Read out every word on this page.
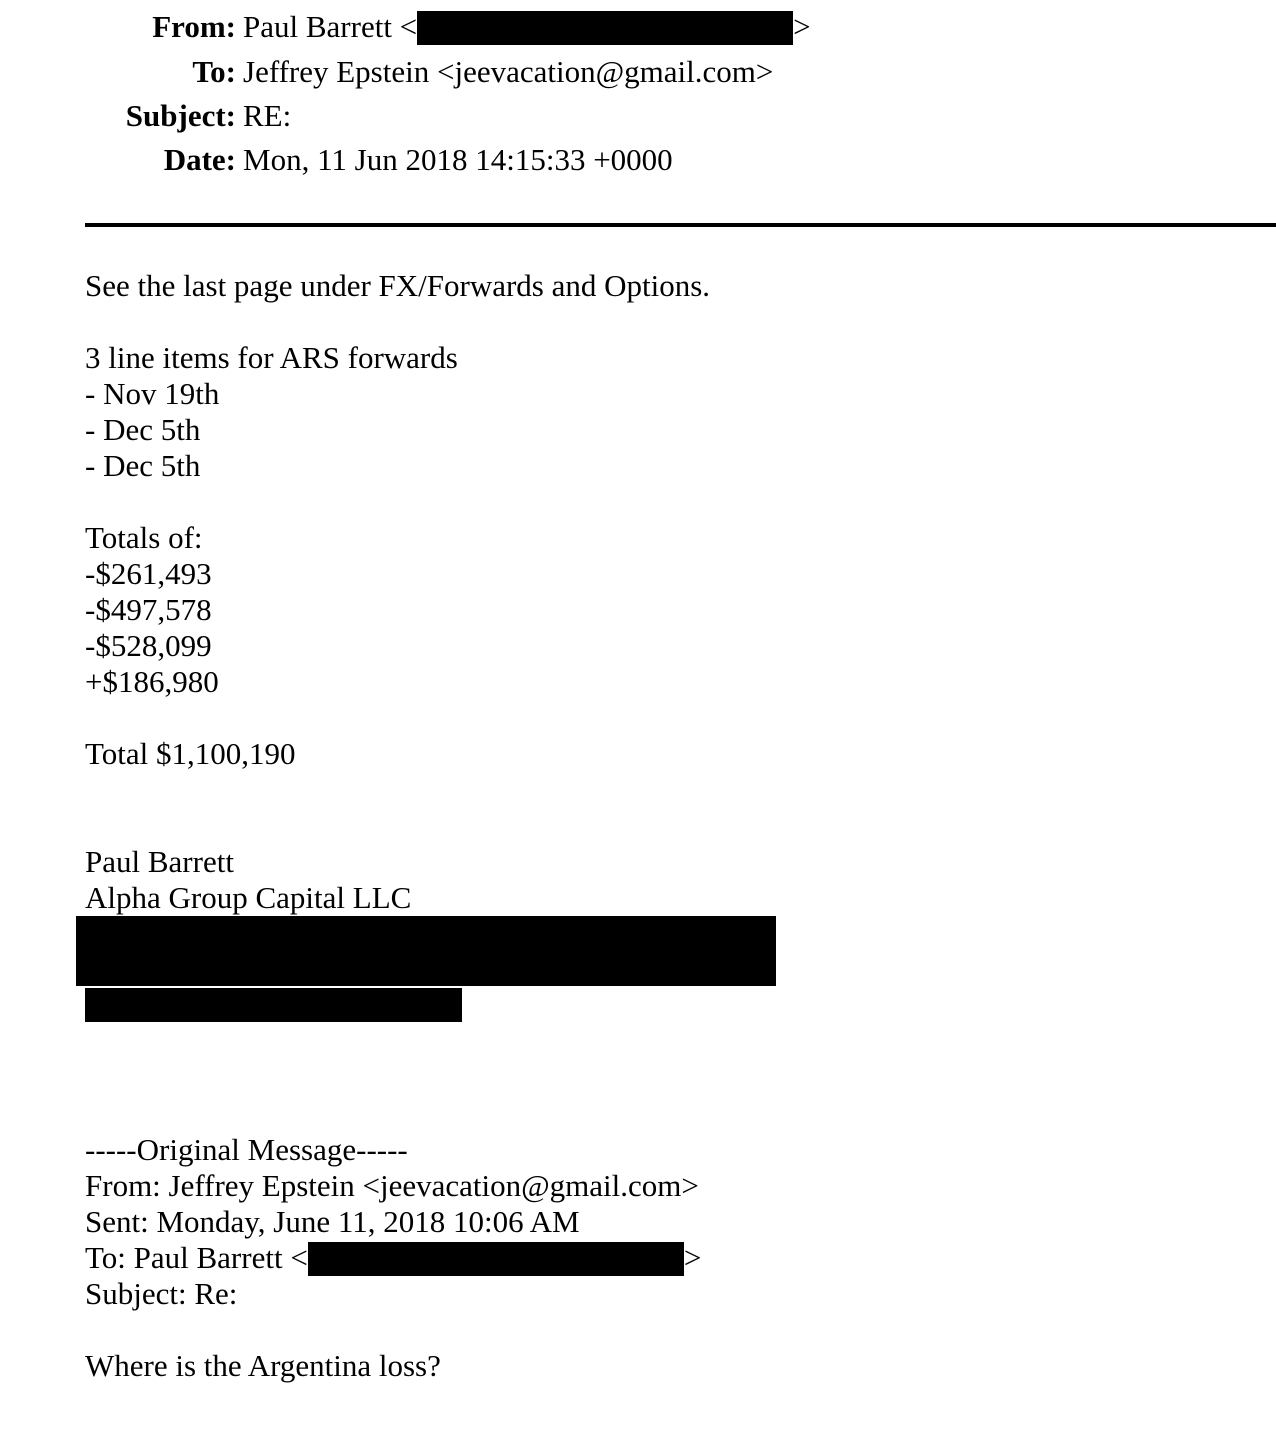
From: Paul Barrett <	>
To: Jeffrey Epstein <jeevacation@gmail.com>
Subject: RE:
Date: Mon, 11 Jun 2018 14:15:33 +0000
See the last page under FX/Forwards and Options.
3 line items for ARS forwards
- Nov 19th
- Dec 5th
- Dec 5th
Totals of:
-$261,493
-$497,578
-$528,099
+$186,980
Total $1,100,190
Paul Barrett
Alpha Group Capital LLC
-----Original Message-----
From: Jeffrey Epstein <jeevacation@gmail.com>
Sent: Monday, June 11, 2018 10:06 AM
To: Paul Barrett <	>
Subject: Re:
Where is the Argentina loss?
